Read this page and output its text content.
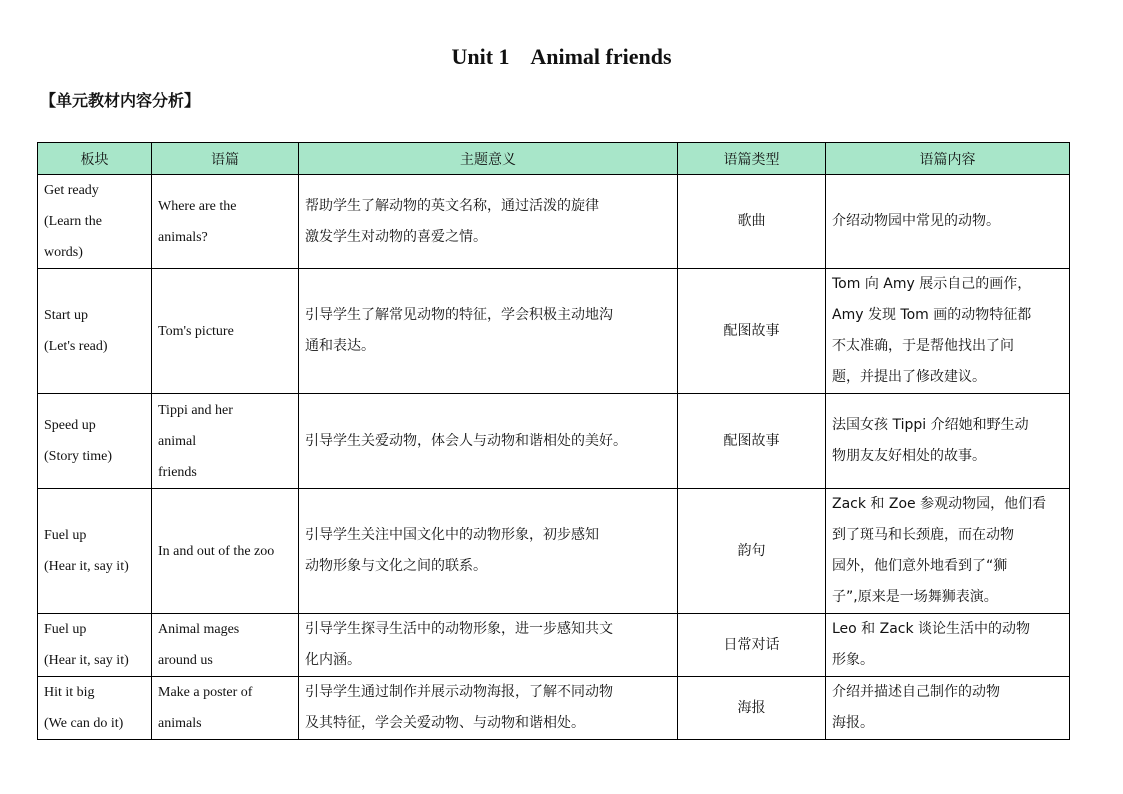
Unit 1    Animal friends
【单元教材内容分析】
板块	语篇	主题意义	语篇类型	语篇内容

Get ready
(Learn the
words)	Where are the
animals?	帮助学生了解动物的英文名称，通过活泼的旋律
激发学生对动物的喜爱之情。	歌曲	介绍动物园中常见的动物。

Start up
(Let's read)	Tom's picture	引导学生了解常见动物的特征，学会积极主动地沟
通和表达。	配图故事	Tom 向 Amy 展示自己的画作，
Amy 发现 Tom 画的动物特征都
不太准确，于是帮他找出了问
题，并提出了修改建议。

Speed up
(Story time)	Tippi and her
animal
friends	引导学生关爱动物，体会人与动物和谐相处的美好。	配图故事	法国女孩 Tippi 介绍她和野生动
物朋友友好相处的故事。

Fuel up
(Hear it, say it)	In and out of the zoo	引导学生关注中国文化中的动物形象，初步感知
动物形象与文化之间的联系。	韵句	Zack 和 Zoe 参观动物园，他们看
到了斑马和长颈鹿，而在动物
园外，他们意外地看到了“狮
子”,原来是一场舞狮表演。

Fuel up
(Hear it, say it)	Animal mages
around us	引导学生探寻生活中的动物形象，进一步感知共文
化内涵。	日常对话	Leo 和 Zack 谈论生活中的动物
形象。

Hit it big
(We can do it)	Make a poster of
animals	引导学生通过制作并展示动物海报，了解不同动物
及其特征，学会关爱动物、与动物和谐相处。	海报	介绍并描述自己制作的动物
海报。
